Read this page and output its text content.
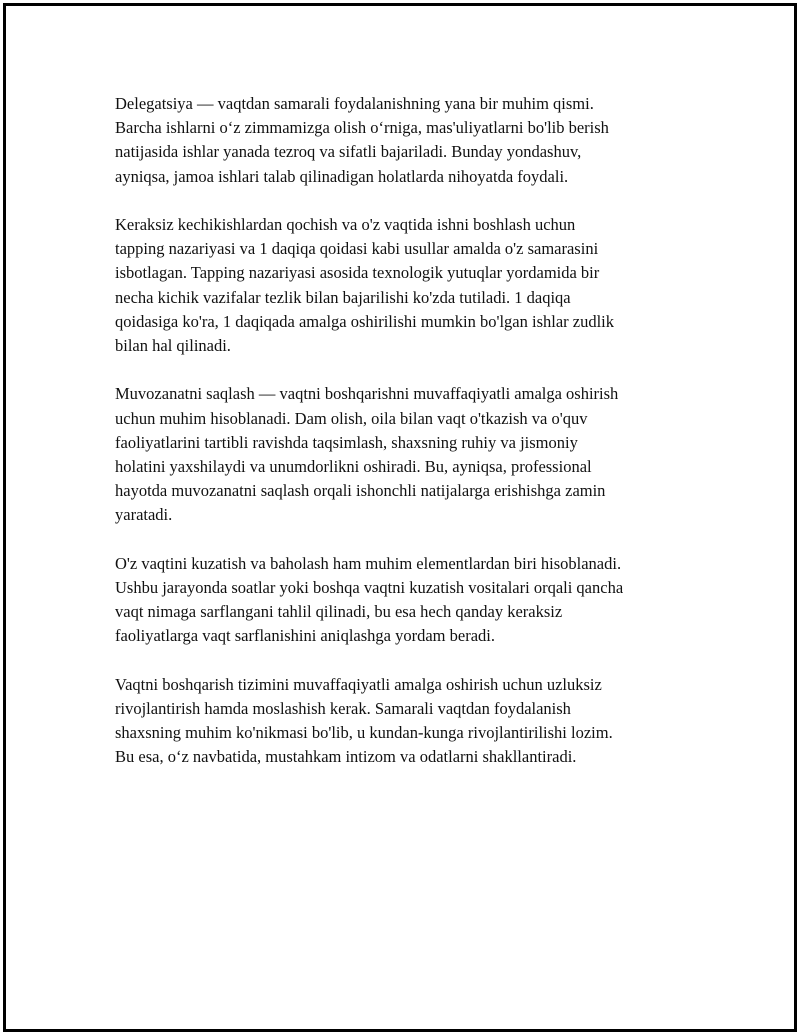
Delegatsiya — vaqtdan samarali foydalanishning yana bir muhim qismi.
Barcha ishlarni o‘z zimmamizga olish o‘rniga, mas'uliyatlarni bo'lib berish
natijasida ishlar yanada tezroq va sifatli bajariladi. Bunday yondashuv,
ayniqsa, jamoa ishlari talab qilinadigan holatlarda nihoyatda foydali.

Keraksiz kechikishlardan qochish va o'z vaqtida ishni boshlash uchun
tapping nazariyasi va 1 daqiqa qoidasi kabi usullar amalda o'z samarasini
isbotlagan. Tapping nazariyasi asosida texnologik yutuqlar yordamida bir
necha kichik vazifalar tezlik bilan bajarilishi ko'zda tutiladi. 1 daqiqa
qoidasiga ko'ra, 1 daqiqada amalga oshirilishi mumkin bo'lgan ishlar zudlik
bilan hal qilinadi.

Muvozanatni saqlash — vaqtni boshqarishni muvaffaqiyatli amalga oshirish
uchun muhim hisoblanadi. Dam olish, oila bilan vaqt o'tkazish va o'quv
faoliyatlarini tartibli ravishda taqsimlash, shaxsning ruhiy va jismoniy
holatini yaxshilaydi va unumdorlikni oshiradi. Bu, ayniqsa, professional
hayotda muvozanatni saqlash orqali ishonchli natijalarga erishishga zamin
yaratadi.

O'z vaqtini kuzatish va baholash ham muhim elementlardan biri hisoblanadi.
Ushbu jarayonda soatlar yoki boshqa vaqtni kuzatish vositalari orqali qancha
vaqt nimaga sarflangani tahlil qilinadi, bu esa hech qanday keraksiz
faoliyatlarga vaqt sarflanishini aniqlashga yordam beradi.

Vaqtni boshqarish tizimini muvaffaqiyatli amalga oshirish uchun uzluksiz
rivojlantirish hamda moslashish kerak. Samarali vaqtdan foydalanish
shaxsning muhim ko'nikmasi bo'lib, u kundan-kunga rivojlantirilishi lozim.
Bu esa, o‘z navbatida, mustahkam intizom va odatlarni shakllantiradi.
